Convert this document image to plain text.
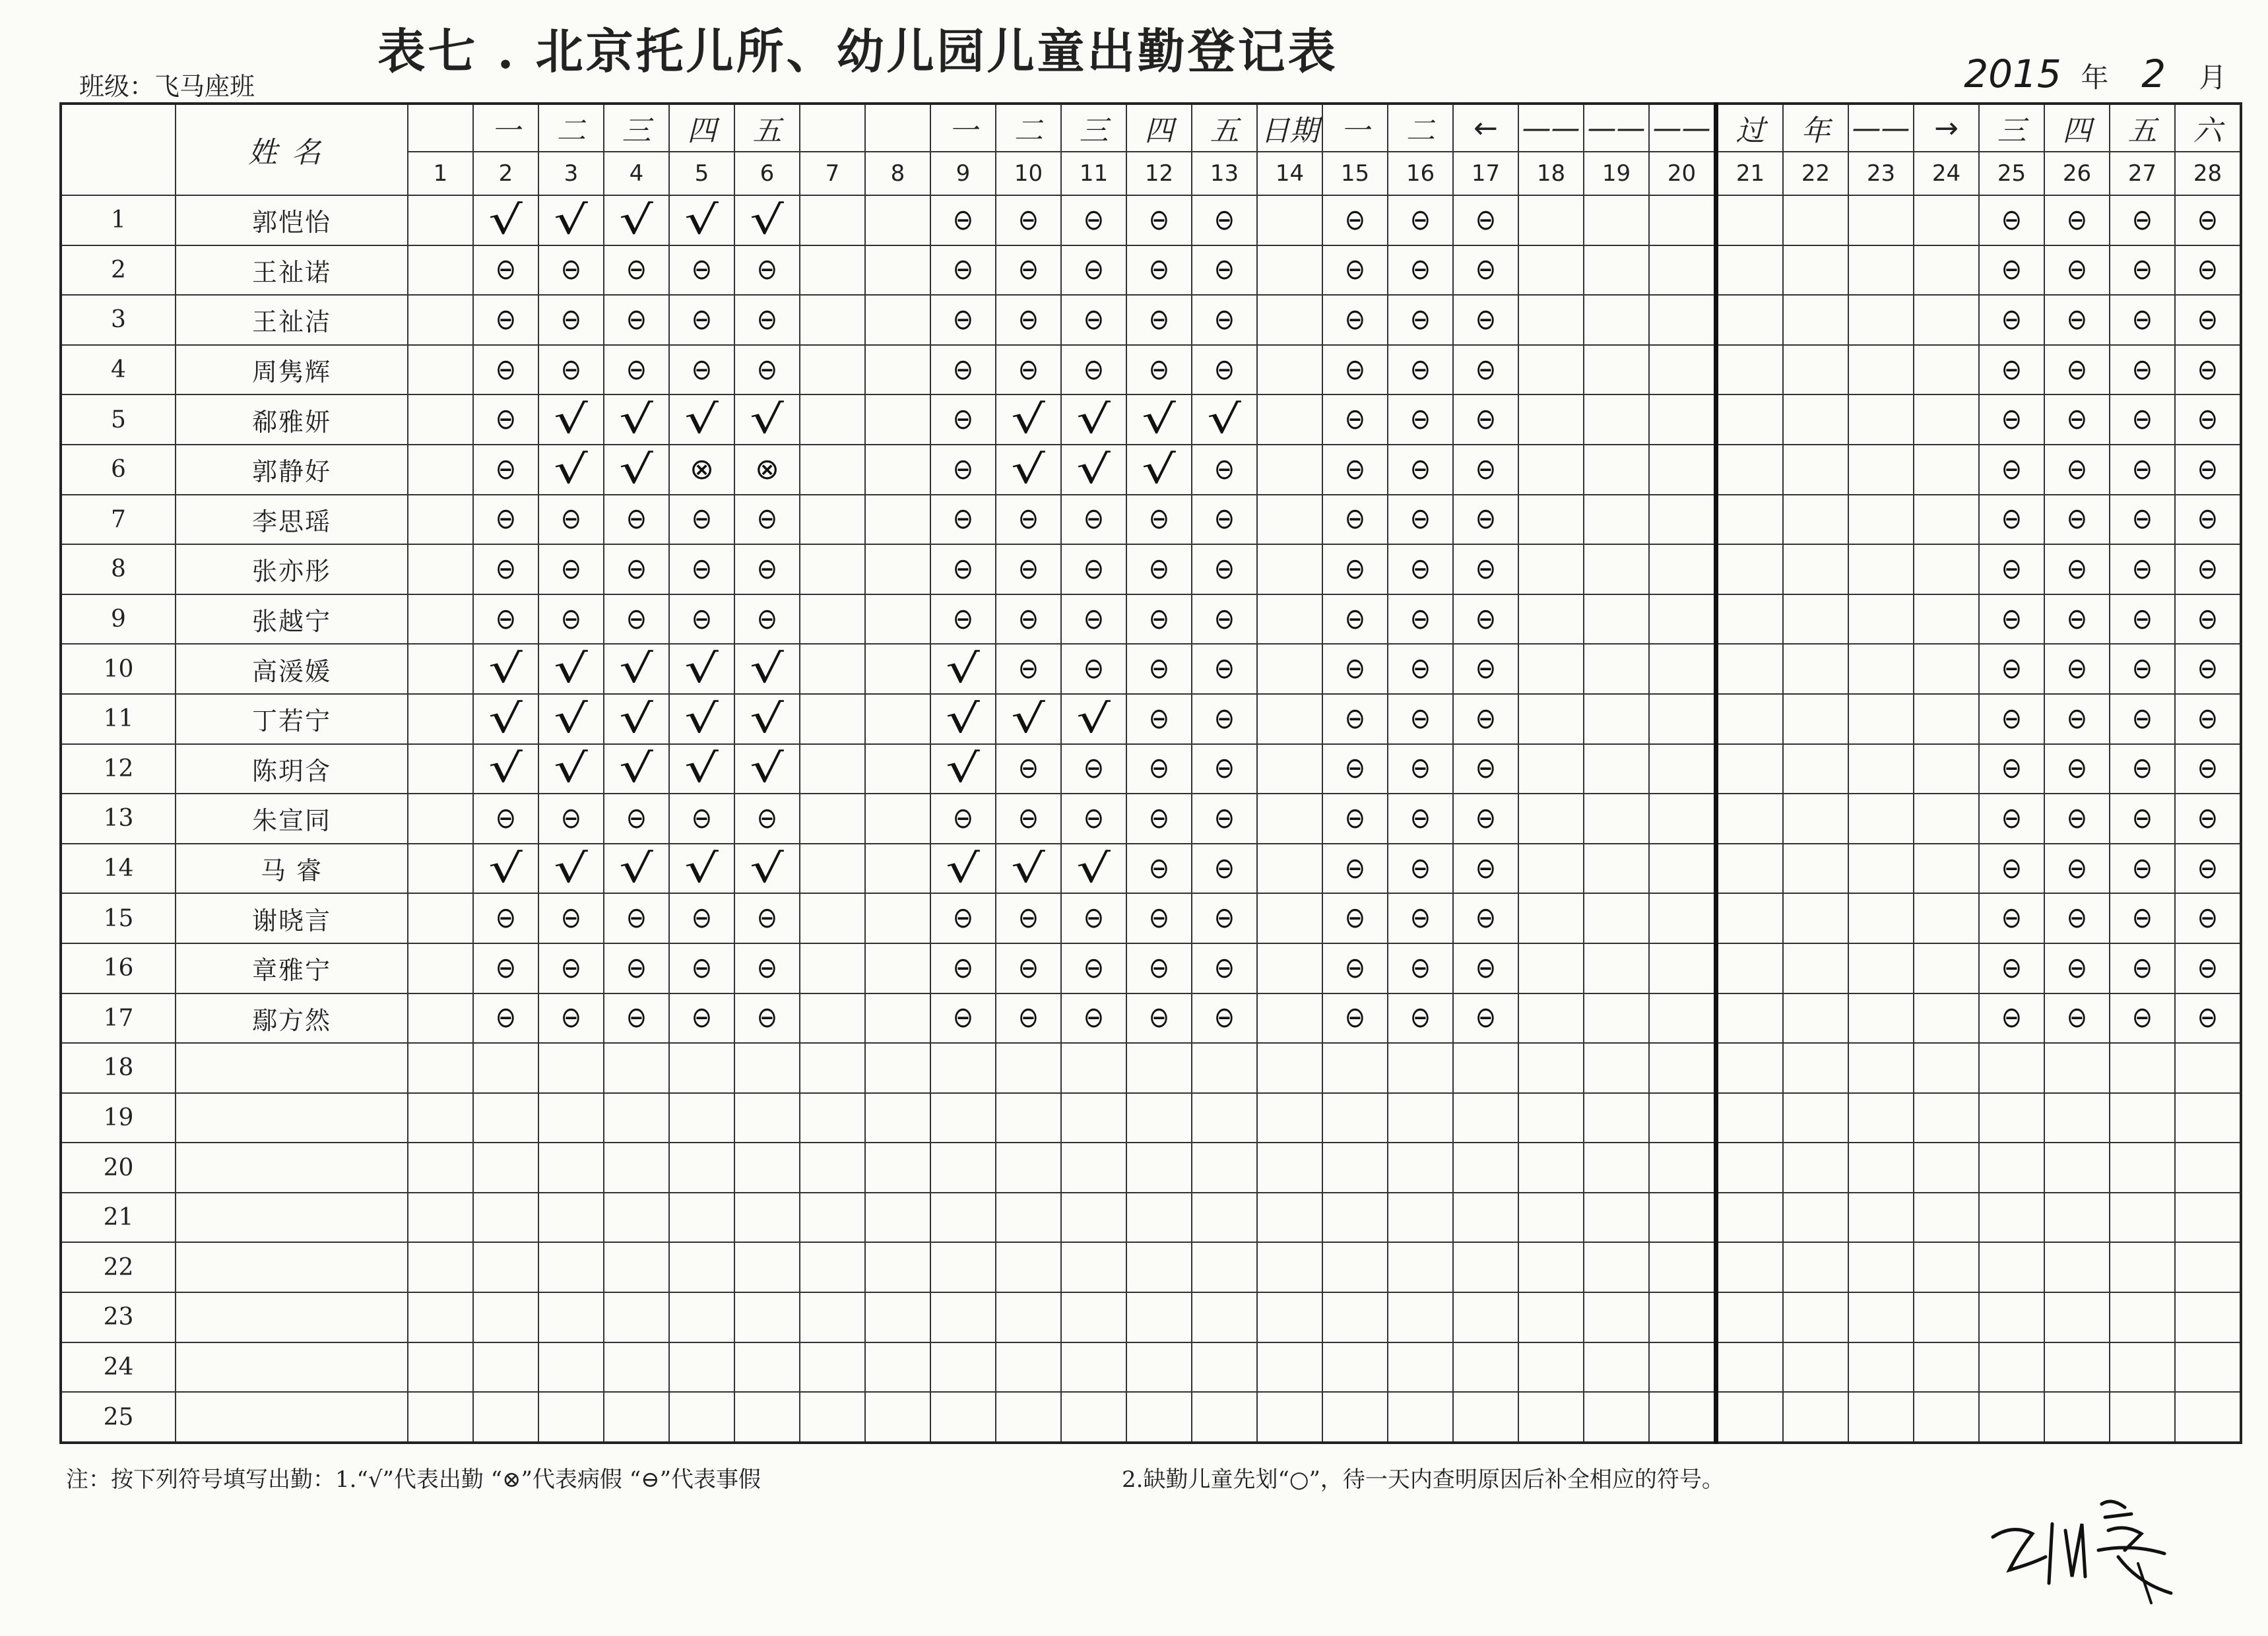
表七 . 北京托儿所、幼儿园儿童出勤登记表
班级：飞马座班	2015 年 2 月
	姓名		一	二	三	四	五			一	二	三	四	五	日期	一	二	←	——	——	——	过	年	——	→	三	四	五	六
		1	2	3	4	5	6	7	8	9	10	11	12	13	14	15	16	17	18	19	20	21	22	23	24	25	26	27	28
1	郭恺怡		√	√	√	√	√			⊖	⊖	⊖	⊖	⊖		⊖	⊖	⊖								⊖	⊖	⊖	⊖
2	王祉诺		⊖	⊖	⊖	⊖	⊖			⊖	⊖	⊖	⊖	⊖		⊖	⊖	⊖								⊖	⊖	⊖	⊖
3	王祉洁		⊖	⊖	⊖	⊖	⊖			⊖	⊖	⊖	⊖	⊖		⊖	⊖	⊖								⊖	⊖	⊖	⊖
4	周隽辉		⊖	⊖	⊖	⊖	⊖			⊖	⊖	⊖	⊖	⊖		⊖	⊖	⊖								⊖	⊖	⊖	⊖
5	郗雅妍		⊖	√	√	√	√			⊖	√	√	√	√		⊖	⊖	⊖								⊖	⊖	⊖	⊖
6	郭静好		⊖	√	√	⊗	⊗			⊖	√	√	√	⊖		⊖	⊖	⊖								⊖	⊖	⊖	⊖
7	李思瑶		⊖	⊖	⊖	⊖	⊖			⊖	⊖	⊖	⊖	⊖		⊖	⊖	⊖								⊖	⊖	⊖	⊖
8	张亦彤		⊖	⊖	⊖	⊖	⊖			⊖	⊖	⊖	⊖	⊖		⊖	⊖	⊖								⊖	⊖	⊖	⊖
9	张越宁		⊖	⊖	⊖	⊖	⊖			⊖	⊖	⊖	⊖	⊖		⊖	⊖	⊖								⊖	⊖	⊖	⊖
10	高湲媛		√	√	√	√	√			√	⊖	⊖	⊖	⊖		⊖	⊖	⊖								⊖	⊖	⊖	⊖
11	丁若宁		√	√	√	√	√			√	√	√	⊖	⊖		⊖	⊖	⊖								⊖	⊖	⊖	⊖
12	陈玥含		√	√	√	√	√			√	⊖	⊖	⊖	⊖		⊖	⊖	⊖								⊖	⊖	⊖	⊖
13	朱宣同		⊖	⊖	⊖	⊖	⊖			⊖	⊖	⊖	⊖	⊖		⊖	⊖	⊖								⊖	⊖	⊖	⊖
14	马 睿		√	√	√	√	√			√	√	√	⊖	⊖		⊖	⊖	⊖								⊖	⊖	⊖	⊖
15	谢晓言		⊖	⊖	⊖	⊖	⊖			⊖	⊖	⊖	⊖	⊖		⊖	⊖	⊖								⊖	⊖	⊖	⊖
16	章雅宁		⊖	⊖	⊖	⊖	⊖			⊖	⊖	⊖	⊖	⊖		⊖	⊖	⊖								⊖	⊖	⊖	⊖
17	鄢方然		⊖	⊖	⊖	⊖	⊖			⊖	⊖	⊖	⊖	⊖		⊖	⊖	⊖								⊖	⊖	⊖	⊖
18																													
19																													
20																													
21																													
22																													
23																													
24																													
25																													
注：按下列符号填写出勤：1.“√”代表出勤 “⊗”代表病假 “⊖”代表事假	2.缺勤儿童先划“○”，待一天内查明原因后补全相应的符号。
